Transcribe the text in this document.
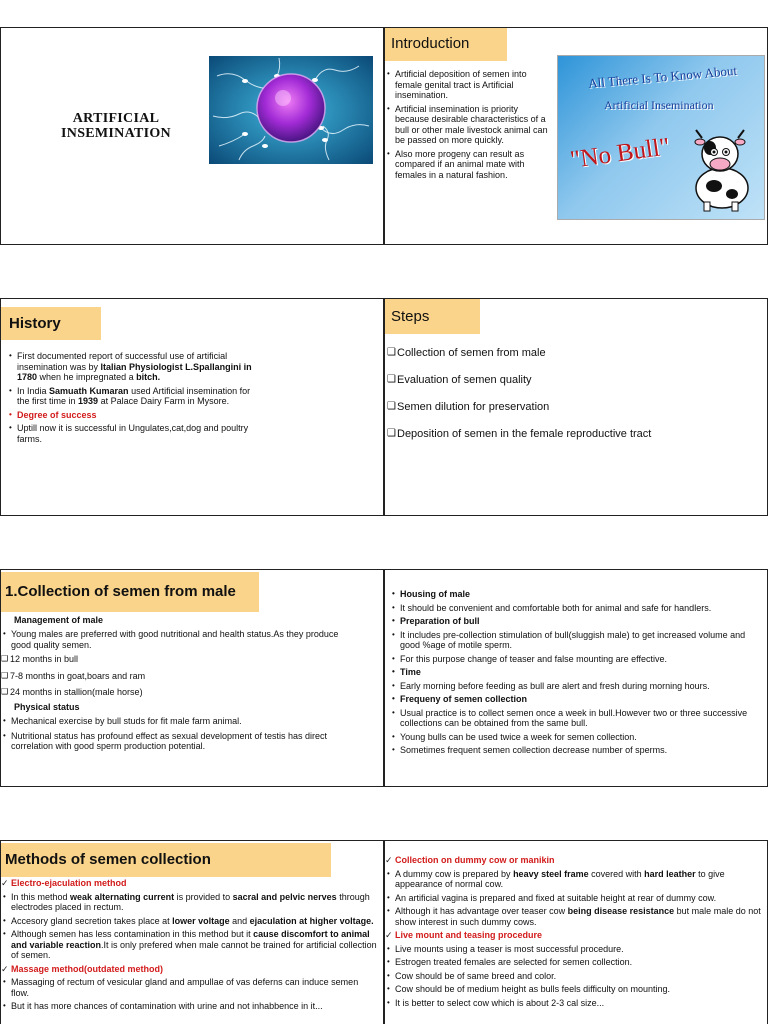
ARTIFICIAL
INSEMINATION
Introduction
• Artificial deposition of semen into female genital tract is Artificial insemination.
• Artificial insemination is priority because desirable characteristics of a bull or other male livestock animal can be passed on more quickly.
• Also more progeny can result as compared if an animal mate with females in a natural fashion.
All There Is To Know About
Artificial Insemination
"No Bull"
History
• First documented report of successful use of artificial insemination was by Italian Physiologist L.Spallangini in 1780 when he impregnated a bitch.
• In India Samuath Kumaran used Artificial insemination for the first time in 1939 at Palace Dairy Farm in Mysore.
• Degree of success
• Uptill now it is successful in Ungulates,cat,dog and poultry farms.
Steps
❑ Collection of semen from male
❑ Evaluation of semen quality
❑ Semen dilution for preservation
❑ Deposition of semen in the female reproductive tract
1.Collection of semen from male
Management of male
• Young males are preferred with good nutritional and health status.As they produce good quality semen.
❑ 12 months in bull
❑ 7-8 months in goat,boars and ram
❑ 24 months in stallion(male horse)
Physical status
• Mechanical exercise by bull studs for fit male farm animal.
• Nutritional status has profound effect as sexual development of testis has direct correlation with good sperm production potential.
• Housing of male
• It should be convenient and comfortable both for animal and safe for handlers.
• Preparation of bull
• It includes pre-collection stimulation of bull(sluggish male) to get increased volume and good %age of motile sperm.
• For this purpose change of teaser and false mounting are effective.
• Time
• Early morning before feeding as bull are alert and fresh during morning hours.
• Frequeny of semen collection
• Usual practice is to collect semen once a week in bull.However two or three successive collections can be obtained from the same bull.
• Young bulls can be used twice a week for semen collection.
• Sometimes frequent semen collection decrease number of sperms.
Methods of semen collection
✓ Electro-ejaculation method
• In this method weak alternating current is provided to sacral and pelvic nerves through electrodes placed in rectum.
• Accesory gland secretion takes place at lower voltage and ejaculation at higher voltage.
• Although semen has less contamination in this method but it cause discomfort to animal and variable reaction.It is only prefered when male cannot be trained for artificial collection of semen.
✓ Massage method(outdated method)
• Massaging of rectum of vesicular gland and ampullae of vas deferns can induce semen flow.
• But it has more chances of contamination with urine and not inhabbence in it...
✓ Collection on dummy cow or manikin
• A dummy cow is prepared by heavy steel frame covered with hard leather to give appearance of normal cow.
• An artificial vagina is prepared and fixed at suitable height at rear of dummy cow.
• Although it has advantage over teaser cow being disease resistance but male male do not show interest in such dummy cows.
✓ Live mount and teasing procedure
• Live mounts using a teaser is most successful procedure.
• Estrogen treated females are selected for semen collection.
• Cow should be of same breed and color.
• Cow should be of medium height as bulls feels difficulty on mounting.
• It is better to select cow which is about 2-3 cal size...
